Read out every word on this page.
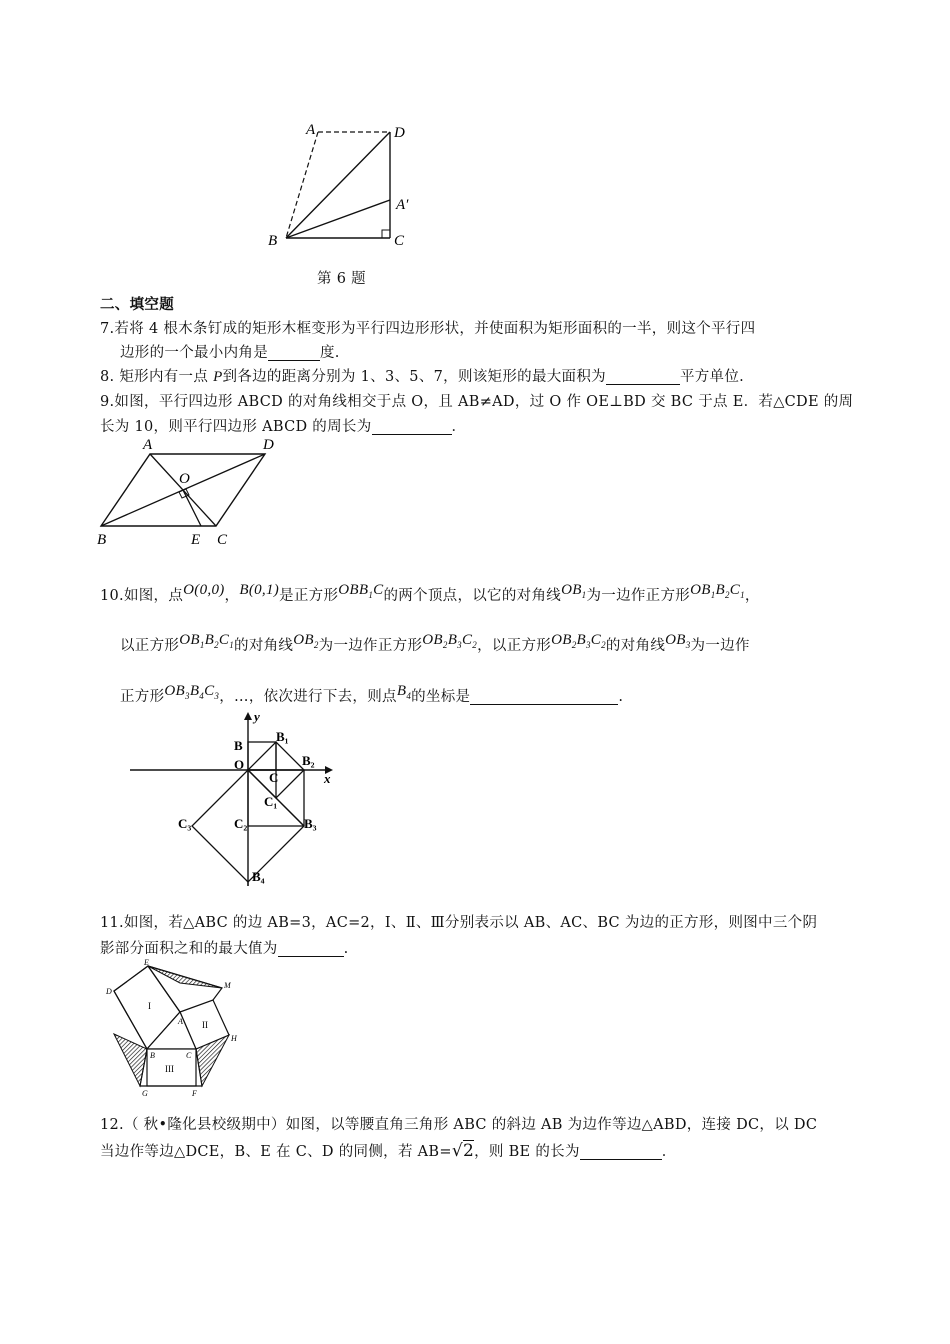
A	D
A′
B	C
第 6 题
二、填空题
7.若将 4 根木条钉成的矩形木框变形为平行四边形形状，并使面积为矩形面积的一半，则这个平行四
边形的一个最小内角是	度.
8. 矩形内有一点 P到各边的距离分别为 1、3、5、7，则该矩形的最大面积为	平方单位.
9.如图，平行四边形 ABCD 的对角线相交于点 O，且 AB≠AD，过 O 作 OE⊥BD 交 BC 于点 E．若△CDE 的周
长为 10，则平行四边形 ABCD 的周长为	．
A	D
O
B	E C
10.如图，点O(0,0)，B(0,1)是正方形$OBB_1C$的两个顶点，以它的对角线$OB_1$为一边作正方形$OB_1B_2C_1$，
以正方形$OB_1B_2C_1$的对角线$OB_2$为一边作正方形$OB_2B_3C_2$，以正方形$OB_2B_3C_2$的对角线$OB_3$为一边作
正方形$OB_3B_4C_3$，…，依次进行下去，则点$B_4$的坐标是	.
y
x
B
B₁
O	B₂
C
C₁
C₃	C₂	B₃
B₄
11.如图，若△ABC 的边 AB=3，AC=2，Ⅰ、Ⅱ、Ⅲ分别表示以 AB、AC、BC 为边的正方形，则图中三个阴
影部分面积之和的最大值为	.
E
M
D
I
II
A
H
B	C
III
G	F
12.（ 秋•隆化县校级期中）如图，以等腰直角三角形 ABC 的斜边 AB 为边作等边△ABD，连接 DC，以 DC
当边作等边△DCE，B、E 在 C、D 的同侧，若 AB=√2，则 BE 的长为	．
